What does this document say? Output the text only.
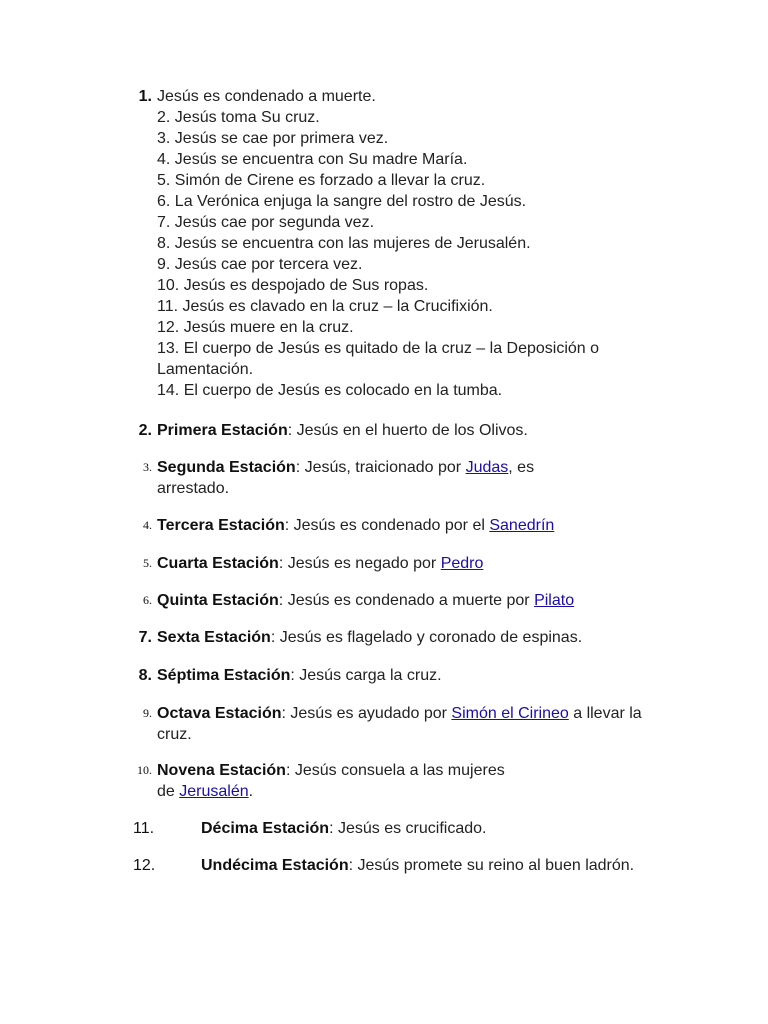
1. Jesús es condenado a muerte.
2. Jesús toma Su cruz.
3. Jesús se cae por primera vez.
4. Jesús se encuentra con Su madre María.
5. Simón de Cirene es forzado a llevar la cruz.
6. La Verónica enjuga la sangre del rostro de Jesús.
7. Jesús cae por segunda vez.
8. Jesús se encuentra con las mujeres de Jerusalén.
9. Jesús cae por tercera vez.
10. Jesús es despojado de Sus ropas.
11. Jesús es clavado en la cruz – la Crucifixión.
12. Jesús muere en la cruz.
13. El cuerpo de Jesús es quitado de la cruz – la Deposición o
Lamentación.
14. El cuerpo de Jesús es colocado en la tumba.
2. Primera Estación: Jesús en el huerto de los Olivos.
3. Segunda Estación: Jesús, traicionado por Judas, es arrestado.
4. Tercera Estación: Jesús es condenado por el Sanedrín
5. Cuarta Estación: Jesús es negado por Pedro
6. Quinta Estación: Jesús es condenado a muerte por Pilato
7. Sexta Estación: Jesús es flagelado y coronado de espinas.
8. Séptima Estación: Jesús carga la cruz.
9. Octava Estación: Jesús es ayudado por Simón el Cirineo a llevar la cruz.
10. Novena Estación: Jesús consuela a las mujeres
de Jerusalén.
11.	Décima Estación: Jesús es crucificado.
12.	Undécima Estación: Jesús promete su reino al buen ladrón.
